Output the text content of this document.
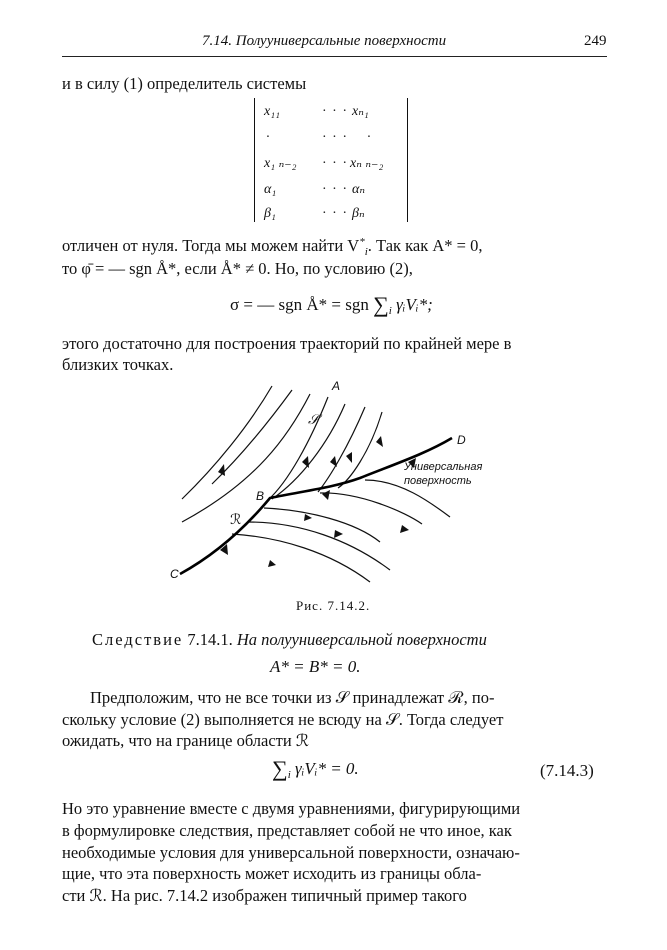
7.14. Полуунивepсальные поверхности	249
и в силу (1) определитель системы
x₁₁	· · · xₙ₁
·	· · · ·
x₁ ₙ₋₂ · · · xₙ ₙ₋₂
α₁	· · · αₙ
β₁	· · · βₙ
отличен от нуля. Тогда мы можем найти $V^*_i$. Так как A* = 0,
то φ̄ = — sgn Å*, если Å* ≠ 0. Но, по условию (2),
σ = — sgn Å* = sgn $\sum_i$ γᵢVᵢ*;
этого достаточно для построения траекторий по крайней мере в
близких точках.
A
𝒮
D
B
ℛ
C
Универсальная
поверхность
Рис. 7.14.2.
Следствие 7.14.1. На полууниверсальной поверхности
A* = B* = 0.
Предположим, что не все точки из 𝒮 принадлежат ℛ, по-
скольку условие (2) выполняется не всюду на 𝒮. Тогда следует
ожидать, что на границе области ℛ
$\sum_i$ γᵢVᵢ* = 0.	(7.14.3)
Но это уравнение вместе с двумя уравнениями, фигурирующими
в формулировке следствия, представляет собой не что иное, как
необходимые условия для универсальной поверхности, означаю-
щие, что эта поверхность может исходить из границы обла-
сти ℛ. На рис. 7.14.2 изображен типичный пример такого
